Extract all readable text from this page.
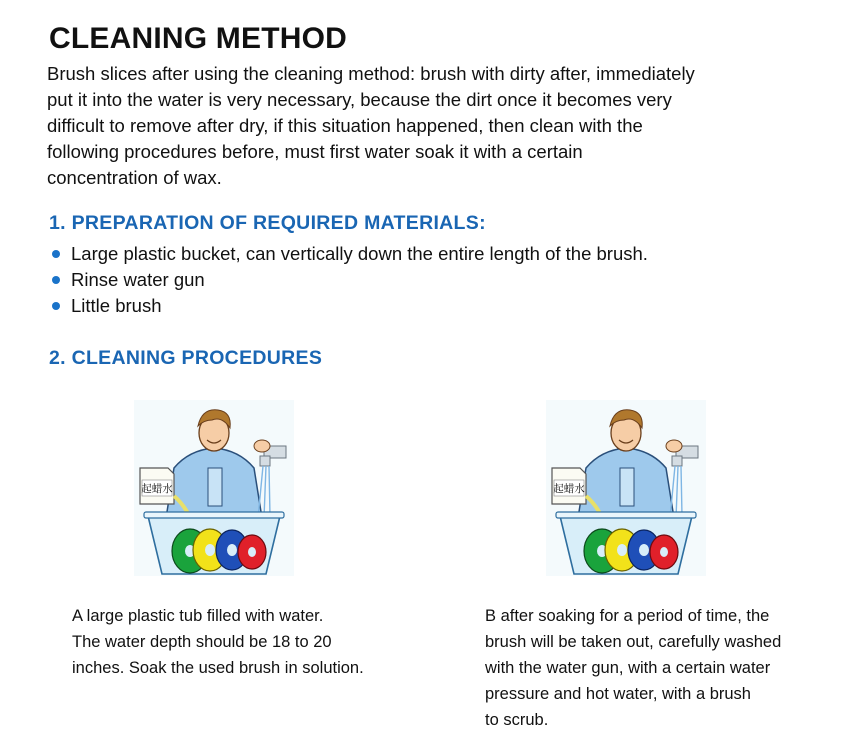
CLEANING METHOD
Brush slices after using the cleaning method: brush with dirty after, immediately
put it into the water is very necessary, because the dirt once it becomes very
difficult to remove after dry, if this situation happened, then clean with the
following procedures before, must first water soak it with a certain
concentration of wax.
1. PREPARATION OF REQUIRED MATERIALS:
Large plastic bucket, can vertically down the entire length of the brush.
Rinse water gun
Little brush
2. CLEANING PROCEDURES
起蜡水	起蜡水
A large plastic tub filled with water.
The water depth should be 18 to 20
inches. Soak the used brush in solution.
B after soaking for a period of time, the
brush will be taken out, carefully washed
with the water gun, with a certain water
pressure and hot water, with a brush
to scrub.
